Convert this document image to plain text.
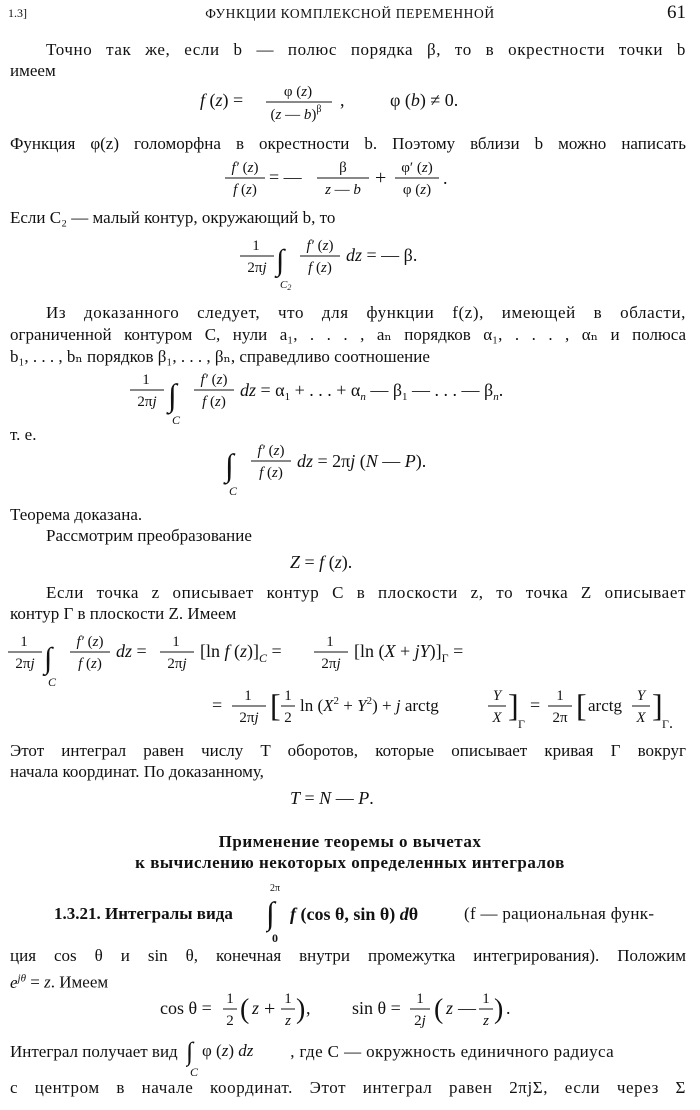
1.3]	ФУНКЦИИ КОМПЛЕКСНОЙ ПЕРЕМЕННОЙ	61
Точно так же, если b — полюс порядка β, то в окрестности точки b
имеем
f (z) =	φ (z)
(z — b)$^\beta$ ,	φ (b) ≠ 0.
Функция φ(z) голоморфна в окрестности b. Поэтому вблизи b можно написать
f′ (z)
f (z)
= —	β
z — b
+ φ′ (z)
φ (z)
.
Если C₂ — малый контур, окружающий b, то
1
2πj ∫
C2
f′ (z)
f (z)
dz = — β.
Из доказанного следует, что для функции f(z), имеющей в области,
ограниченной контуром C, нули a₁, . . . , aₙ порядков α₁, . . . , αₙ и полюса
b₁, . . . , bₙ порядков β₁, . . . , βₙ, справедливо соотношение
1
2πj ∫
C
f′ (z)
f (z)
dz = $\alpha_1$ + . . . + $\alpha_n$ — $\beta_1$ — . . . — $\beta_n$.
т. е.
∫
C
f′ (z)
f (z)
dz = 2πj (N — P).
Теорема доказана.
Рассмотрим преобразование
Z = f (z).
Если точка z описывает контур C в плоскости z, то точка Z описывает
контур Г в плоскости Z. Имеем
1
2πj ∫
C
f′ (z)
f (z)
dz = 1
2πj
[ln f $(z)]_C$ =	1
2πj
[ln $(X + jY)]_Г$ =
= 1
2πj [ 1
2
$\ln (X^2 + Y^2) + j$ arctg	Y
X ]
Г
= 1
2π [ arctg Y
X ]
Г.
Этот интеграл равен числу T оборотов, которые описывает кривая Г вокруг
начала координат. По доказанному,
T = N — P.
Применение теоремы о вычетах
к вычислению некоторых определенных интегралов
1.3.21. Интегралы вида
2π
∫
0
f (cos θ, sin θ) dθ	(f — рациональная функ-
ция cos θ и sin θ, конечная внутри промежутка интегрирования). Положим
$e^{j\theta} = z$. Имеем
cos θ = 1
2 ( z + 1
z ) , sin θ = 1
2j ( z — 1
z ) .
Интеграл получает вид ∫
C
φ (z) dz , где C — окружность единичного радиуса
с центром в начале координат. Этот интеграл равен 2πjΣ, если через Σ
